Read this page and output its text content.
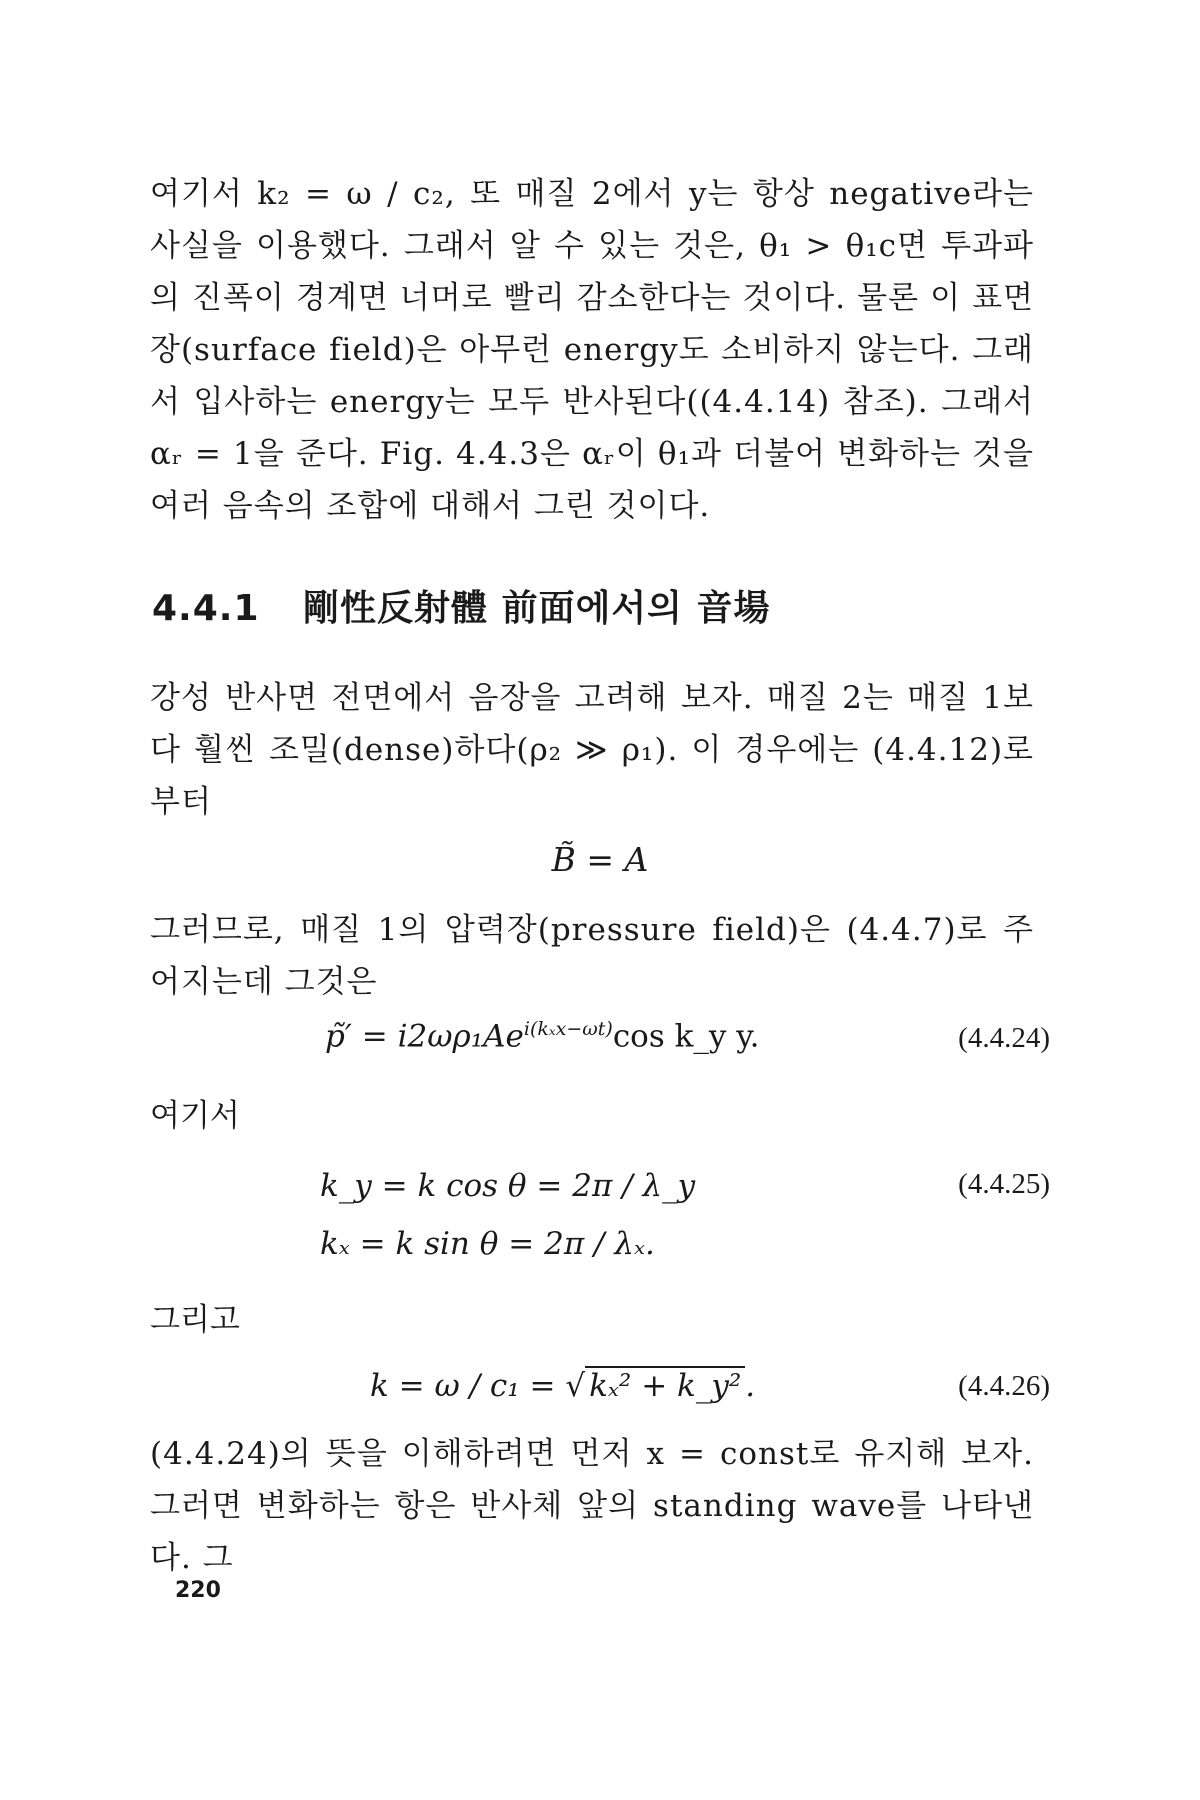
여기서 k₂ = ω / c₂, 또 매질 2에서 y는 항상 negative라는 사실을 이용했다. 그래서 알 수 있는 것은, θ₁ > θ₁c면 투과파의 진폭이 경계면 너머로 빨리 감소한다는 것이다. 물론 이 표면장(surface field)은 아무런 energy도 소비하지 않는다. 그래서 입사하는 energy는 모두 반사된다((4.4.14) 참조). 그래서 αᵣ = 1을 준다. Fig. 4.4.3은 αᵣ이 θ₁과 더불어 변화하는 것을 여러 음속의 조합에 대해서 그린 것이다.
4.4.1 剛性反射體 前面에서의 音場
강성 반사면 전면에서 음장을 고려해 보자. 매질 2는 매질 1보다 훨씬 조밀(dense)하다(ρ₂ ≫ ρ₁). 이 경우에는 (4.4.12)로부터
B̃ = A
그러므로, 매질 1의 압력장(pressure field)은 (4.4.7)로 주어지는데 그것은
p̃′ = $i2\omega\rho_1Ae^{i(k_xx-\omega t)}\cos$ k_y y.	(4.4.24)
여기서
k_y = k cos θ = 2π / λ_y	(4.4.25)
kₓ = k sin θ = 2π / λₓ.
그리고
k = ω / c₁ = √ kₓ² + k_y² .	(4.4.26)
(4.4.24)의 뜻을 이해하려면 먼저 x = const로 유지해 보자. 그러면 변화하는 항은 반사체 앞의 standing wave를 나타낸다. 그
220
